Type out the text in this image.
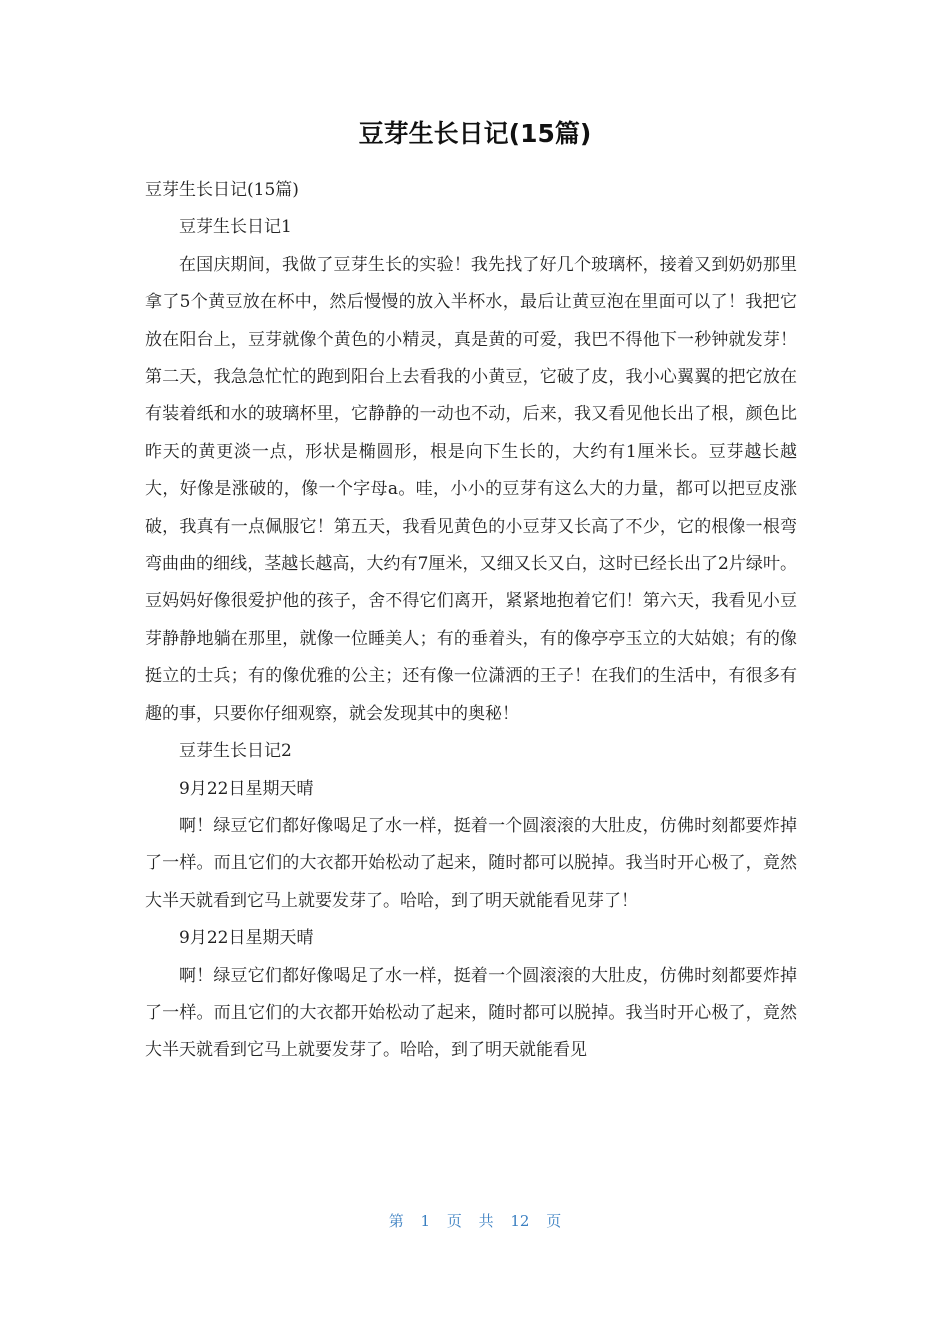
豆芽生长日记(15篇)

豆芽生长日记(15篇)

豆芽生长日记1

在国庆期间，我做了豆芽生长的实验！我先找了好几个玻璃杯，接着又到奶奶那里拿了5个黄豆放在杯中，然后慢慢的放入半杯水，最后让黄豆泡在里面可以了！我把它放在阳台上，豆芽就像个黄色的小精灵，真是黄的可爱，我巴不得他下一秒钟就发芽！第二天，我急急忙忙的跑到阳台上去看我的小黄豆，它破了皮，我小心翼翼的把它放在有装着纸和水的玻璃杯里，它静静的一动也不动，后来，我又看见他长出了根，颜色比昨天的黄更淡一点，形状是椭圆形，根是向下生长的，大约有1厘米长。豆芽越长越大，好像是涨破的，像一个字母a。哇，小小的豆芽有这么大的力量，都可以把豆皮涨破，我真有一点佩服它！第五天，我看见黄色的小豆芽又长高了不少，它的根像一根弯弯曲曲的细线，茎越长越高，大约有7厘米，又细又长又白，这时已经长出了2片绿叶。豆妈妈好像很爱护他的孩子，舍不得它们离开，紧紧地抱着它们！第六天，我看见小豆芽静静地躺在那里，就像一位睡美人；有的垂着头，有的像亭亭玉立的大姑娘；有的像挺立的士兵；有的像优雅的公主；还有像一位潇洒的王子！在我们的生活中，有很多有趣的事，只要你仔细观察，就会发现其中的奥秘！

豆芽生长日记2

9月22日星期天晴

啊！绿豆它们都好像喝足了水一样，挺着一个圆滚滚的大肚皮，仿佛时刻都要炸掉了一样。而且它们的大衣都开始松动了起来，随时都可以脱掉。我当时开心极了，竟然大半天就看到它马上就要发芽了。哈哈，到了明天就能看见芽了！

9月22日星期天晴

啊！绿豆它们都好像喝足了水一样，挺着一个圆滚滚的大肚皮，仿佛时刻都要炸掉了一样。而且它们的大衣都开始松动了起来，随时都可以脱掉。我当时开心极了，竟然大半天就看到它马上就要发芽了。哈哈，到了明天就能看见

第 1 页 共 12 页
